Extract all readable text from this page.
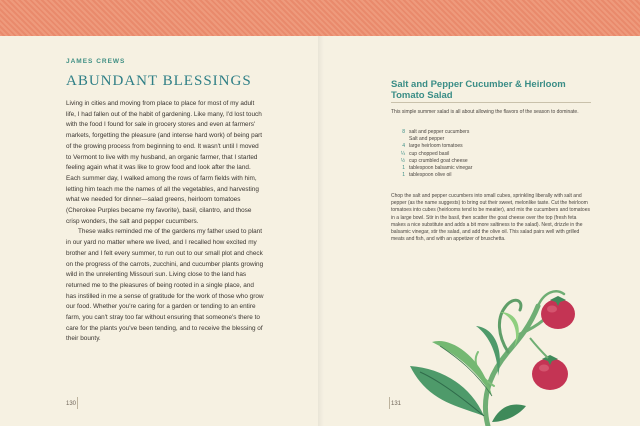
JAMES CREWS
ABUNDANT BLESSINGS

Living in cities and moving from place to place for most of my adult life, I had fallen out of the habit of gardening. Like many, I'd lost touch with the food I found for sale in grocery stores and even at farmers' markets, forgetting the pleasure (and intense hard work) of being part of the growing process from beginning to end. It wasn't until I moved to Vermont to live with my husband, an organic farmer, that I started feeling again what it was like to grow food and look after the land. Each summer day, I walked among the rows of farm fields with him, letting him teach me the names of all the vegetables, and harvesting what we needed for dinner—salad greens, heirloom tomatoes (Cherokee Purples became my favorite), basil, cilantro, and those crisp wonders, the salt and pepper cucumbers.

These walks reminded me of the gardens my father used to plant in our yard no matter where we lived, and I recalled how excited my brother and I felt every summer, to run out to our small plot and check on the progress of the carrots, zucchini, and cucumber plants growing wild in the unrelenting Missouri sun. Living close to the land has returned me to the pleasures of being rooted in a single place, and has instilled in me a sense of gratitude for the work of those who grow our food. Whether you're caring for a garden or tending to an entire farm, you can't stray too far without ensuring that someone's there to care for the plants you've been tending, and to receive the blessing of their bounty.

130
Salt and Pepper Cucumber & Heirloom Tomato Salad
This simple summer salad is all about allowing the flavors of the season to dominate.
8 salt and pepper cucumbers
Salt and pepper
4 large heirloom tomatoes
¼ cup chopped basil
½ cup crumbled goat cheese
1 tablespoon balsamic vinegar
1 tablespoon olive oil
Chop the salt and pepper cucumbers into small cubes, sprinkling liberally with salt and pepper (as the name suggests) to bring out their sweet, melonlike taste. Cut the heirloom tomatoes into cubes (heirlooms tend to be meatier), and mix the cucumbers and tomatoes in a large bowl. Stir in the basil, then scatter the goat cheese over the top (fresh feta makes a nice substitute and adds a bit more saltiness to the salad). Next, drizzle in the balsamic vinegar, stir the salad, and add the olive oil. This salad pairs well with grilled meats and fish, and with an appetizer of bruschetta.
131
